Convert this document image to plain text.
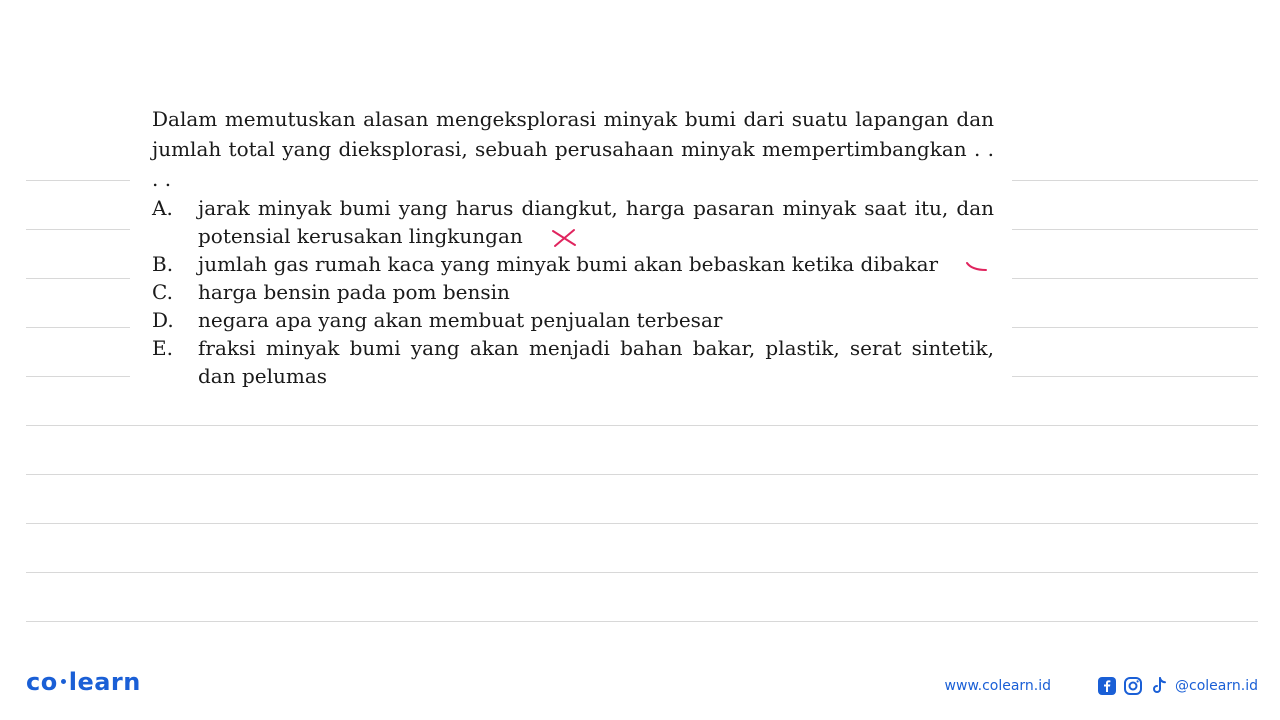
Dalam memutuskan alasan mengeksplorasi minyak bumi dari suatu lapangan dan jumlah total yang dieksplorasi, sebuah perusahaan minyak mempertimbangkan . . . .
A.	jarak minyak bumi yang harus diangkut, harga pasaran minyak saat itu, dan potensial kerusakan lingkungan
B.	jumlah gas rumah kaca yang minyak bumi akan bebaskan ketika dibakar
C.	harga bensin pada pom bensin
D.	negara apa yang akan membuat penjualan terbesar
E.	fraksi minyak bumi yang akan menjadi bahan bakar, plastik, serat sintetik, dan pelumas
co learn	www.colearn.id	@colearn.id
